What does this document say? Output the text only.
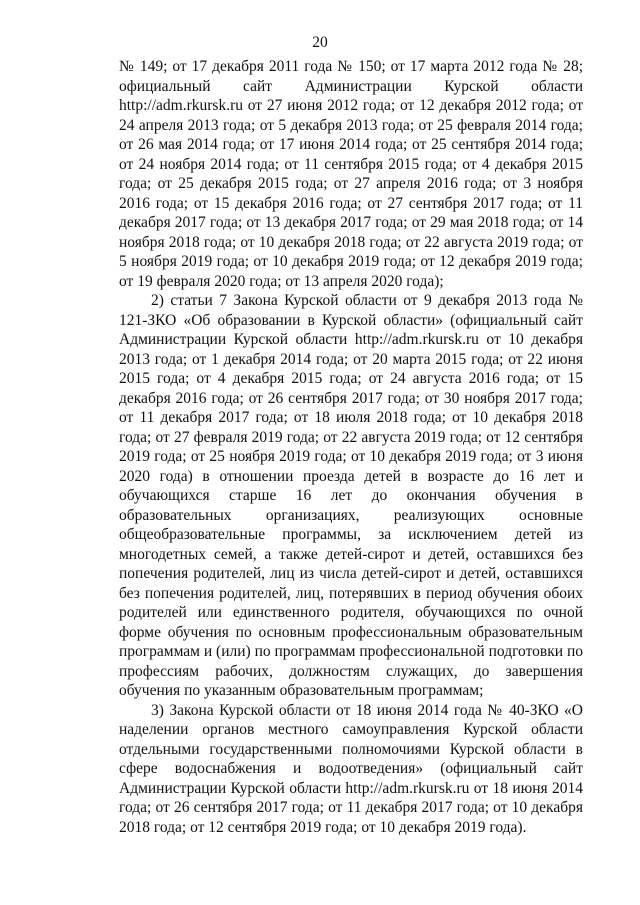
20

№ 149; от 17 декабря 2011 года № 150; от 17 марта 2012 года № 28; официальный сайт Администрации Курской области http://adm.rkursk.ru от 27 июня 2012 года; от 12 декабря 2012 года; от 24 апреля 2013 года; от 5 декабря 2013 года; от 25 февраля 2014 года; от 26 мая 2014 года; от 17 июня 2014 года; от 25 сентября 2014 года; от 24 ноября 2014 года; от 11 сентября 2015 года; от 4 декабря 2015 года; от 25 декабря 2015 года; от 27 апреля 2016 года; от 3 ноября 2016 года; от 15 декабря 2016 года; от 27 сентября 2017 года; от 11 декабря 2017 года; от 13 декабря 2017 года; от 29 мая 2018 года; от 14 ноября 2018 года; от 10 декабря 2018 года; от 22 августа 2019 года; от 5 ноября 2019 года; от 10 декабря 2019 года; от 12 декабря 2019 года; от 19 февраля 2020 года; от 13 апреля 2020 года);

2) статьи 7 Закона Курской области от 9 декабря 2013 года № 121-ЗКО «Об образовании в Курской области» (официальный сайт Администрации Курской области http://adm.rkursk.ru от 10 декабря 2013 года; от 1 декабря 2014 года; от 20 марта 2015 года; от 22 июня 2015 года; от 4 декабря 2015 года; от 24 августа 2016 года; от 15 декабря 2016 года; от 26 сентября 2017 года; от 30 ноября 2017 года; от 11 декабря 2017 года; от 18 июля 2018 года; от 10 декабря 2018 года; от 27 февраля 2019 года; от 22 августа 2019 года; от 12 сентября 2019 года; от 25 ноября 2019 года; от 10 декабря 2019 года; от 3 июня 2020 года) в отношении проезда детей в возрасте до 16 лет и обучающихся старше 16 лет до окончания обучения в образовательных организациях, реализующих основные общеобразовательные программы, за исключением детей из многодетных семей, а также детей-сирот и детей, оставшихся без попечения родителей, лиц из числа детей-сирот и детей, оставшихся без попечения родителей, лиц, потерявших в период обучения обоих родителей или единственного родителя, обучающихся по очной форме обучения по основным профессиональным образовательным программам и (или) по программам профессиональной подготовки по профессиям рабочих, должностям служащих, до завершения обучения по указанным образовательным программам;

3) Закона Курской области от 18 июня 2014 года № 40-ЗКО «О наделении органов местного самоуправления Курской области отдельными государственными полномочиями Курской области в сфере водоснабжения и водоотведения» (официальный сайт Администрации Курской области http://adm.rkursk.ru от 18 июня 2014 года; от 26 сентября 2017 года; от 11 декабря 2017 года; от 10 декабря 2018 года; от 12 сентября 2019 года; от 10 декабря 2019 года).
